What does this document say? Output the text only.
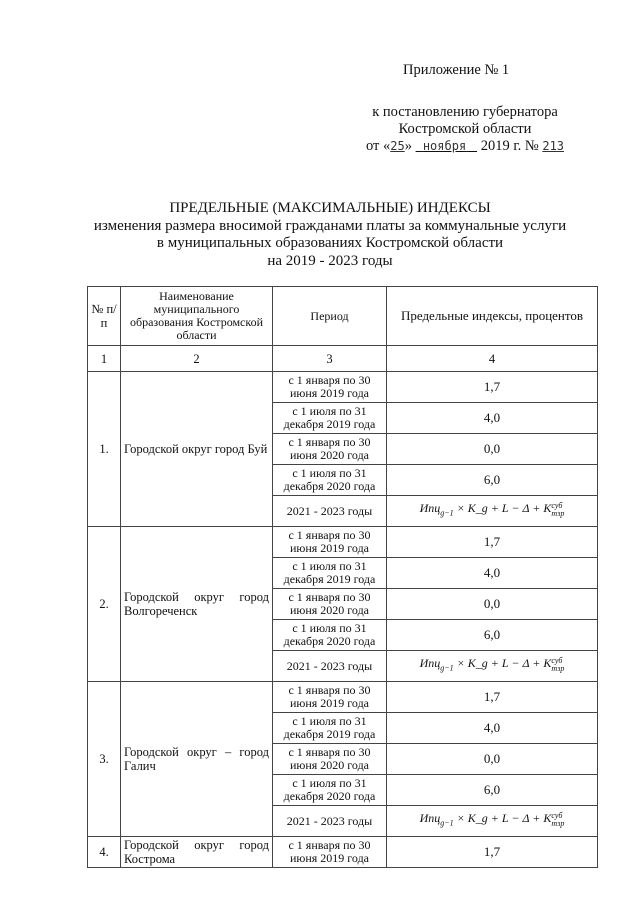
Приложение № 1
к постановлению губернатора
Костромской области
от «25»   ноября    2019 г. № 213
ПРЕДЕЛЬНЫЕ (МАКСИМАЛЬНЫЕ) ИНДЕКСЫ
изменения размера вносимой гражданами платы за коммунальные услуги
в муниципальных образованиях Костромской области
на 2019 - 2023 годы
№ п/п	Наименование муниципального образования Костромской области	Период	Предельные индексы, процентов
1	2	3	4
1.	Городской округ город Буй	с 1 января по 30 июня 2019 года	1,7
		с 1 июля по 31 декабря 2019 года	4,0
		с 1 января по 30 июня 2020 года	0,0
		с 1 июля по 31 декабря 2020 года	6,0
		2021 - 2023 годы	Иnц$_{g-1}$ × K_g + L − Δ + Kсуб
тзр
2.	Городской округ город Волгореченск	с 1 января по 30 июня 2019 года	1,7
		с 1 июля по 31 декабря 2019 года	4,0
		с 1 января по 30 июня 2020 года	0,0
		с 1 июля по 31 декабря 2020 года	6,0
		2021 - 2023 годы	Иnц$_{g-1}$ × K_g + L − Δ + Kсуб
тзр
3.	Городской округ – город Галич	с 1 января по 30 июня 2019 года	1,7
		с 1 июля по 31 декабря 2019 года	4,0
		с 1 января по 30 июня 2020 года	0,0
		с 1 июля по 31 декабря 2020 года	6,0
		2021 - 2023 годы	Иnц$_{g-1}$ × K_g + L − Δ + Kсуб
тзр
4.	Городской округ город Кострома	с 1 января по 30 июня 2019 года	1,7
